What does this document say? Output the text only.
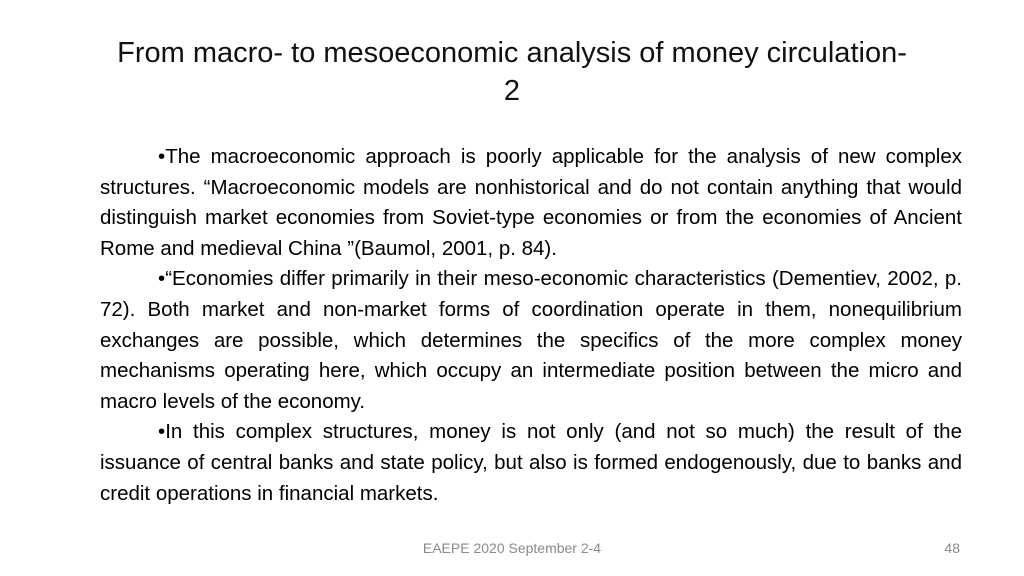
From macro- to mesoeconomic analysis of money circulation-
2

•The macroeconomic approach is poorly applicable for the analysis of new complex structures. “Macroeconomic models are nonhistorical and do not contain anything that would distinguish market economies from Soviet-type economies or from the economies of Ancient Rome and medieval China ”(Baumol, 2001, p. 84).

•“Economies differ primarily in their meso-economic characteristics (Dementiev, 2002, p. 72). Both market and non-market forms of coordination operate in them, nonequilibrium exchanges are possible, which determines the specifics of the more complex money mechanisms operating here, which occupy an intermediate position between the micro and macro levels of the economy.

•In this complex structures, money is not only (and not so much) the result of the issuance of central banks and state policy, but also is formed endogenously, due to banks and credit operations in financial markets.

EAEPE 2020 September 2-4	48
